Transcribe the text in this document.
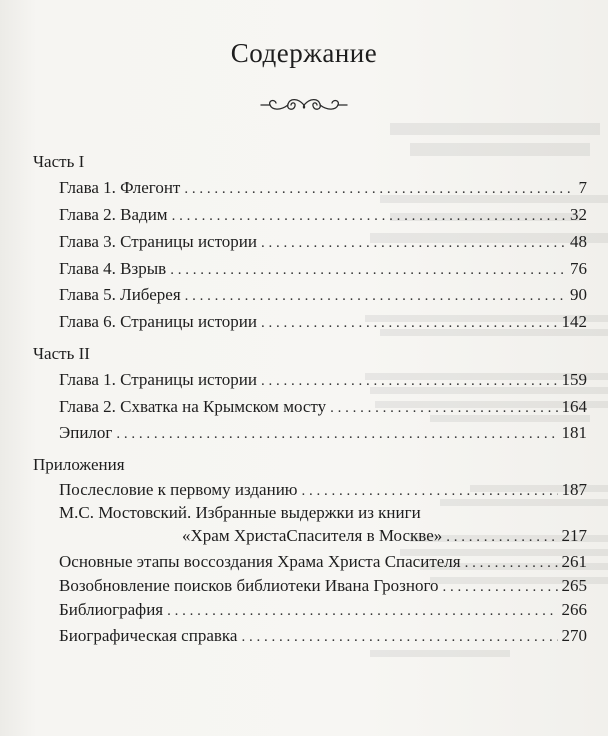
Содержание
Часть I
Глава 1. Флегонт . . .	7
Глава 2. Вадим . . .	32
Глава 3. Страницы истории . . .	48
Глава 4. Взрыв . . .	76
Глава 5. Либерея . . .	90
Глава 6. Страницы истории . . .	142
Часть II
Глава 1. Страницы истории . . .	159
Глава 2. Схватка на Крымском мосту . . .	164
Эпилог . . .	181
Приложения
Послесловие к первому изданию . . .	187
М.С. Мостовский. Избранные выдержки из книги
«Храм ХристаСпасителя в Москве» . . .	217
Основные этапы воссоздания Храма Христа Спасителя . . .	261
Возобновление поисков библиотеки Ивана Грозного . . .	265
Библиография . . .	266
Биографическая справка . . .	270
